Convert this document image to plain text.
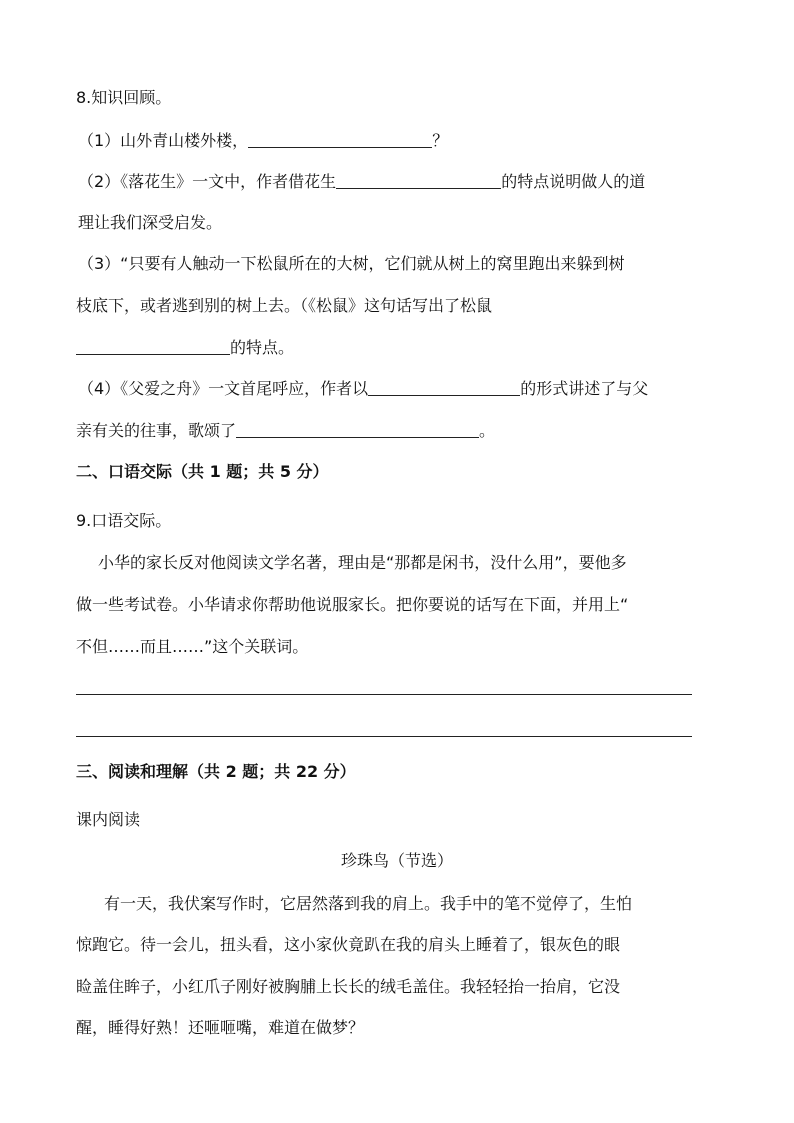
8.知识回顾。
（1）山外青山楼外楼，	？
（2）《落花生》一文中，作者借花生	的特点说明做人的道
理让我们深受启发。
（3）“只要有人触动一下松鼠所在的大树，它们就从树上的窝里跑出来躲到树
枝底下，或者逃到别的树上去。（《松鼠》这句话写出了松鼠
的特点。
（4）《父爱之舟》一文首尾呼应，作者以	的形式讲述了与父
亲有关的往事，歌颂了	。
二、口语交际（共 1 题；共 5 分）
9.口语交际。
小华的家长反对他阅读文学名著，理由是“那都是闲书，没什么用”，要他多
做一些考试卷。小华请求你帮助他说服家长。把你要说的话写在下面，并用上“
不但……而且……”这个关联词。
三、阅读和理解（共 2 题；共 22 分）
课内阅读
珍珠鸟（节选）
有一天，我伏案写作时，它居然落到我的肩上。我手中的笔不觉停了，生怕
惊跑它。待一会儿，扭头看，这小家伙竟趴在我的肩头上睡着了，银灰色的眼
睑盖住眸子，小红爪子刚好被胸脯上长长的绒毛盖住。我轻轻抬一抬肩，它没
醒，睡得好熟！还咂咂嘴，难道在做梦？
